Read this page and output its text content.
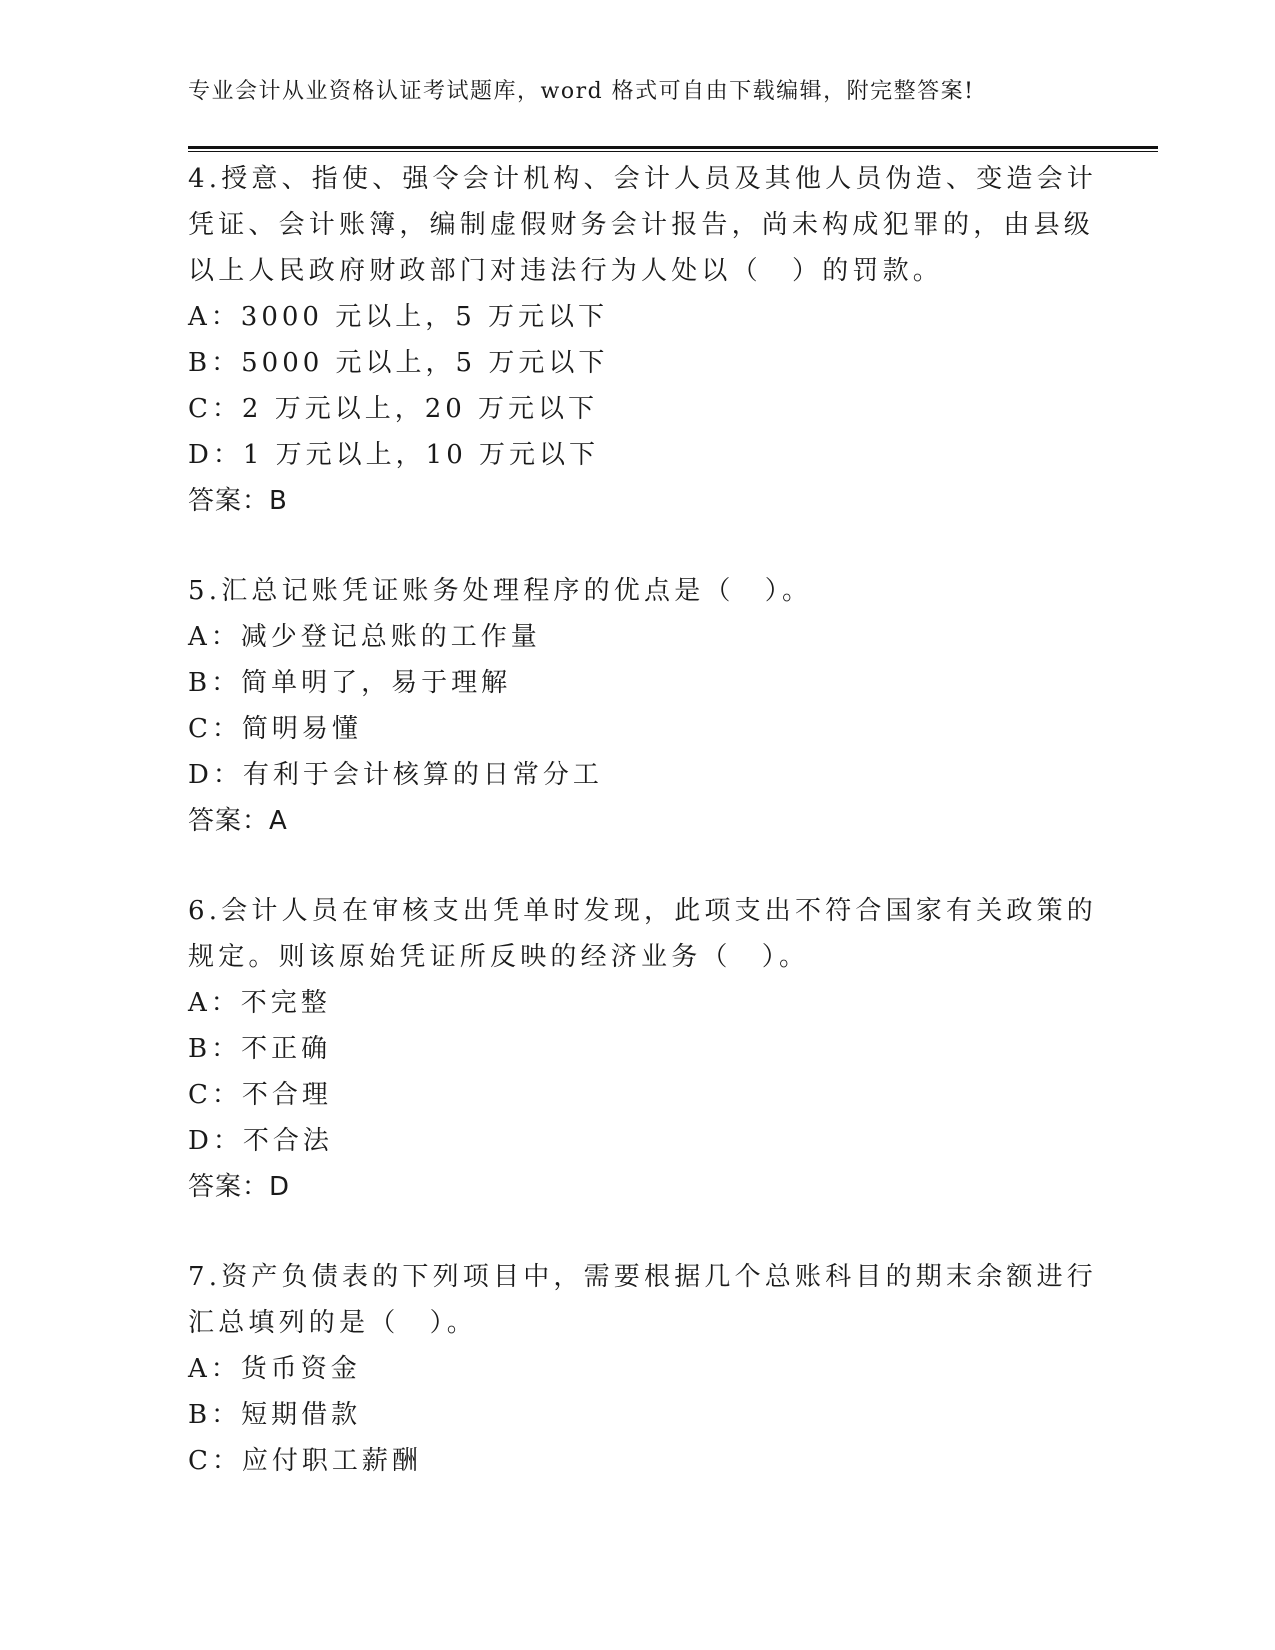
专业会计从业资格认证考试题库，word 格式可自由下载编辑，附完整答案!
4.授意、指使、强令会计机构、会计人员及其他人员伪造、变造会计
凭证、会计账簿，编制虚假财务会计报告，尚未构成犯罪的，由县级
以上人民政府财政部门对违法行为人处以（　）的罚款。
A：3000 元以上，5 万元以下
B：5000 元以上，5 万元以下
C：2 万元以上，20 万元以下
D：1 万元以上，10 万元以下
答案：B
5.汇总记账凭证账务处理程序的优点是（　）。
A：减少登记总账的工作量
B：简单明了，易于理解
C：简明易懂
D：有利于会计核算的日常分工
答案：A
6.会计人员在审核支出凭单时发现，此项支出不符合国家有关政策的
规定。则该原始凭证所反映的经济业务（　）。
A：不完整
B：不正确
C：不合理
D：不合法
答案：D
7.资产负债表的下列项目中，需要根据几个总账科目的期末余额进行
汇总填列的是（　）。
A：货币资金
B：短期借款
C：应付职工薪酬
